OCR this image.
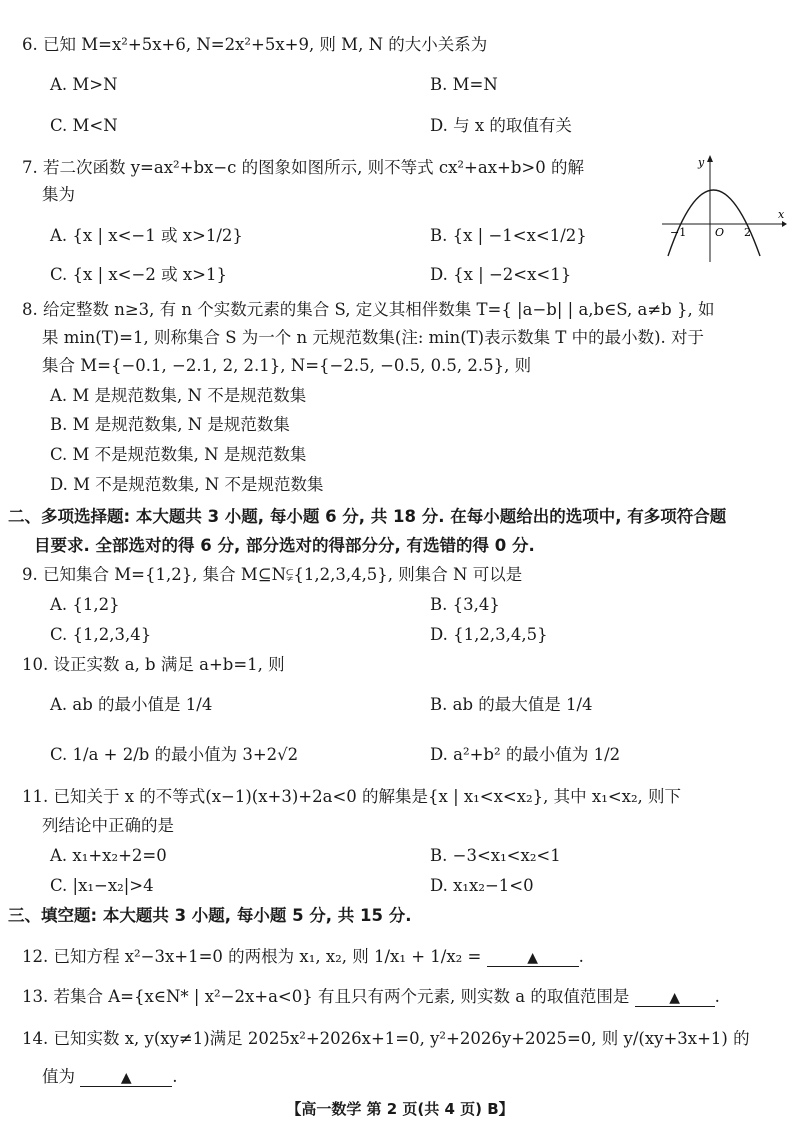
6. 已知 M=x²+5x+6, N=2x²+5x+9, 则 M, N 的大小关系为
A. M>N	B. M=N
C. M<N	D. 与 x 的取值有关
7. 若二次函数 y=ax²+bx−c 的图象如图所示, 则不等式 cx²+ax+b>0 的解
集为
A. {x | x<−1 或 x>1/2}	B. {x | −1<x<1/2}
C. {x | x<−2 或 x>1}	D. {x | −2<x<1}
y
x
−1	O 2
8. 给定整数 n≥3, 有 n 个实数元素的集合 S, 定义其相伴数集 T={ |a−b| | a,b∈S, a≠b }, 如
果 min(T)=1, 则称集合 S 为一个 n 元规范数集(注: min(T)表示数集 T 中的最小数). 对于
集合 M={−0.1, −2.1, 2, 2.1}, N={−2.5, −0.5, 0.5, 2.5}, 则
A. M 是规范数集, N 不是规范数集
B. M 是规范数集, N 是规范数集
C. M 不是规范数集, N 是规范数集
D. M 不是规范数集, N 不是规范数集
二、多项选择题: 本大题共 3 小题, 每小题 6 分, 共 18 分. 在每小题给出的选项中, 有多项符合题
目要求. 全部选对的得 6 分, 部分选对的得部分分, 有选错的得 0 分.
9. 已知集合 M={1,2}, 集合 M⊆N⫋{1,2,3,4,5}, 则集合 N 可以是
A. {1,2}	B. {3,4}
C. {1,2,3,4}	D. {1,2,3,4,5}
10. 设正实数 a, b 满足 a+b=1, 则
A. ab 的最小值是 1/4	B. ab 的最大值是 1/4
C. 1/a + 2/b 的最小值为 3+2√2	D. a²+b² 的最小值为 1/2
11. 已知关于 x 的不等式(x−1)(x+3)+2a<0 的解集是{x | x₁<x<x₂}, 其中 x₁<x₂, 则下
列结论中正确的是
A. x₁+x₂+2=0	B. −3<x₁<x₂<1
C. |x₁−x₂|>4	D. x₁x₂−1<0
三、填空题: 本大题共 3 小题, 每小题 5 分, 共 15 分.
12. 已知方程 x²−3x+1=0 的两根为 x₁, x₂, 则 1/x₁ + 1/x₂ =	▲ .
13. 若集合 A={x∈N* | x²−2x+a<0} 有且只有两个元素, 则实数 a 的取值范围是	▲ .
14. 已知实数 x, y(xy≠1)满足 2025x²+2026x+1=0, y²+2026y+2025=0, 则 y/(xy+3x+1) 的
值为	▲ .
【高一数学 第 2 页(共 4 页) B】
